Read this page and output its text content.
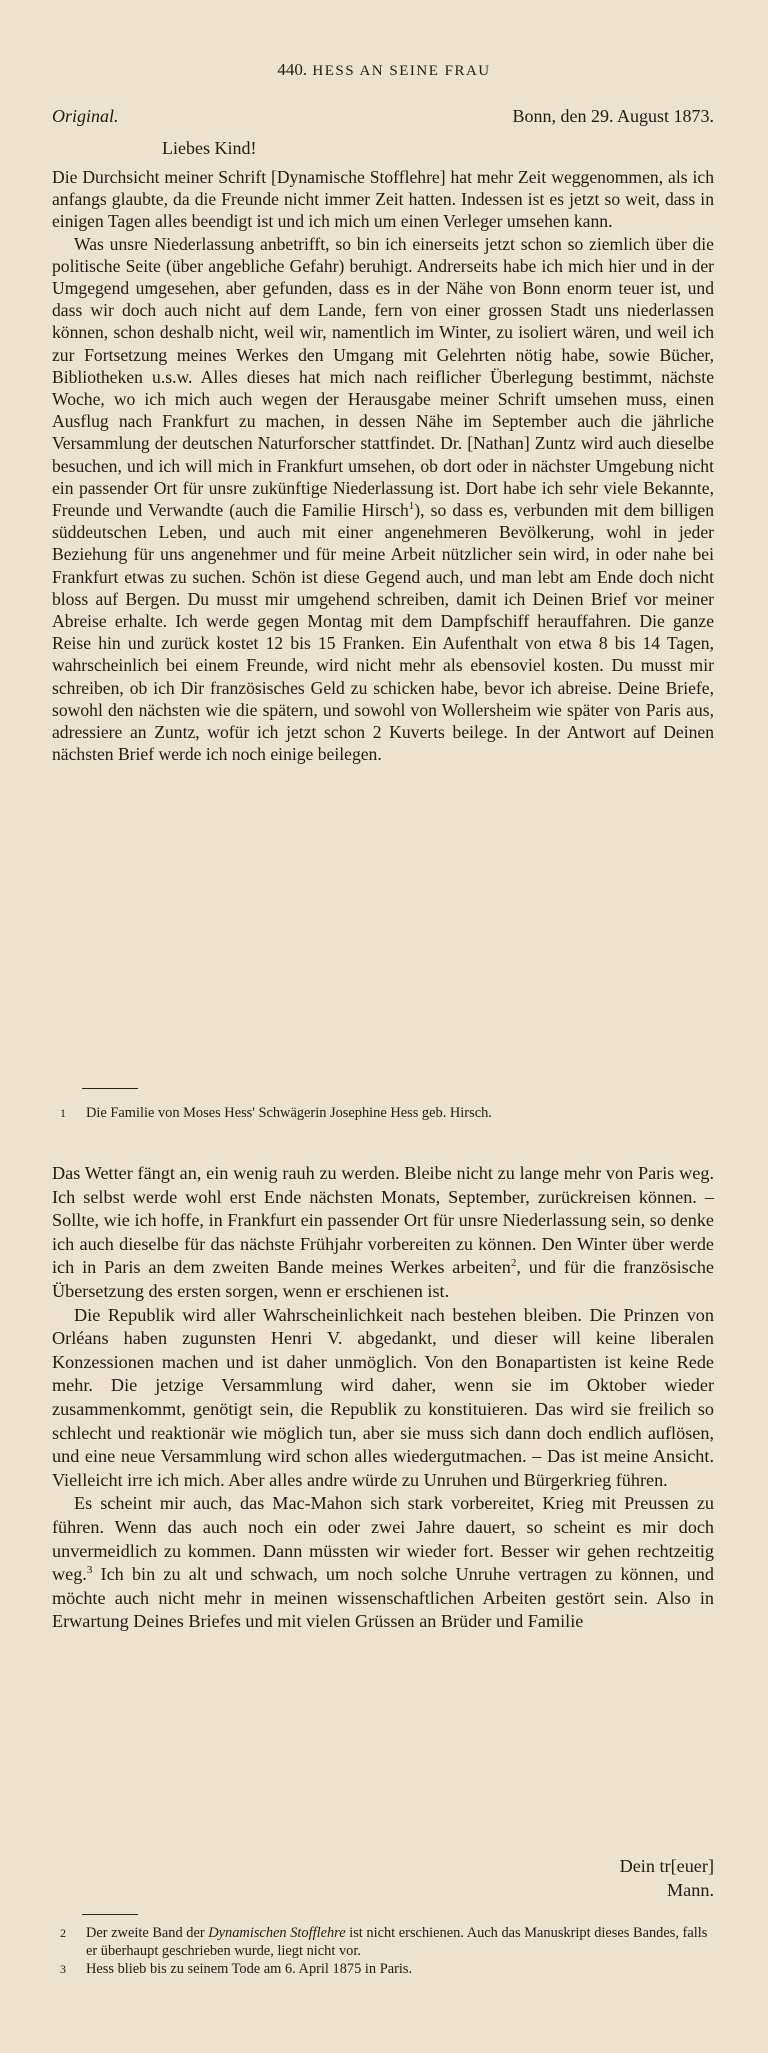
440. HESS AN SEINE FRAU
Original.	Bonn, den 29. August 1873.
Liebes Kind!

Die Durchsicht meiner Schrift [Dynamische Stofflehre] hat mehr Zeit weggenommen, als ich anfangs glaubte, da die Freunde nicht immer Zeit hatten. Indessen ist es jetzt so weit, dass in einigen Tagen alles beendigt ist und ich mich um einen Verleger umsehen kann.

Was unsre Niederlassung anbetrifft, so bin ich einerseits jetzt schon so ziemlich über die politische Seite (über angebliche Gefahr) beruhigt. Andrerseits habe ich mich hier und in der Umgegend umgesehen, aber gefunden, dass es in der Nähe von Bonn enorm teuer ist, und dass wir doch auch nicht auf dem Lande, fern von einer grossen Stadt uns niederlassen können, schon deshalb nicht, weil wir, namentlich im Winter, zu isoliert wären, und weil ich zur Fortsetzung meines Werkes den Umgang mit Gelehrten nötig habe, sowie Bücher, Bibliotheken u.s.w. Alles dieses hat mich nach reiflicher Überlegung bestimmt, nächste Woche, wo ich mich auch wegen der Herausgabe meiner Schrift umsehen muss, einen Ausflug nach Frankfurt zu machen, in dessen Nähe im September auch die jährliche Versammlung der deutschen Naturforscher stattfindet. Dr. [Nathan] Zuntz wird auch dieselbe besuchen, und ich will mich in Frankfurt umsehen, ob dort oder in nächster Umgebung nicht ein passender Ort für unsre zukünftige Niederlassung ist. Dort habe ich sehr viele Bekannte, Freunde und Verwandte (auch die Familie Hirsch$^1$), so dass es, verbunden mit dem billigen süddeutschen Leben, und auch mit einer angenehmeren Bevölkerung, wohl in jeder Beziehung für uns angenehmer und für meine Arbeit nützlicher sein wird, in oder nahe bei Frankfurt etwas zu suchen. Schön ist diese Gegend auch, und man lebt am Ende doch nicht bloss auf Bergen. Du musst mir umgehend schreiben, damit ich Deinen Brief vor meiner Abreise erhalte. Ich werde gegen Montag mit dem Dampfschiff herauffahren. Die ganze Reise hin und zurück kostet 12 bis 15 Franken. Ein Aufenthalt von etwa 8 bis 14 Tagen, wahrscheinlich bei einem Freunde, wird nicht mehr als ebensoviel kosten. Du musst mir schreiben, ob ich Dir französisches Geld zu schicken habe, bevor ich abreise. Deine Briefe, sowohl den nächsten wie die spätern, und sowohl von Wollersheim wie später von Paris aus, adressiere an Zuntz, wofür ich jetzt schon 2 Kuverts beilege. In der Antwort auf Deinen nächsten Brief werde ich noch einige beilegen.

1	Die Familie von Moses Hess' Schwägerin Josephine Hess geb. Hirsch.

Das Wetter fängt an, ein wenig rauh zu werden. Bleibe nicht zu lange mehr von Paris weg. Ich selbst werde wohl erst Ende nächsten Monats, September, zurückreisen können. – Sollte, wie ich hoffe, in Frankfurt ein passender Ort für unsre Niederlassung sein, so denke ich auch dieselbe für das nächste Frühjahr vorbereiten zu können. Den Winter über werde ich in Paris an dem zweiten Bande meines Werkes arbeiten$^2$, und für die französische Übersetzung des ersten sorgen, wenn er erschienen ist.

Die Republik wird aller Wahrscheinlichkeit nach bestehen bleiben. Die Prinzen von Orléans haben zugunsten Henri V. abgedankt, und dieser will keine liberalen Konzessionen machen und ist daher unmöglich. Von den Bonapartisten ist keine Rede mehr. Die jetzige Versammlung wird daher, wenn sie im Oktober wieder zusammenkommt, genötigt sein, die Republik zu konstituieren. Das wird sie freilich so schlecht und reaktionär wie möglich tun, aber sie muss sich dann doch endlich auflösen, und eine neue Versammlung wird schon alles wiedergutmachen. – Das ist meine Ansicht. Vielleicht irre ich mich. Aber alles andre würde zu Unruhen und Bürgerkrieg führen.

Es scheint mir auch, das Mac-Mahon sich stark vorbereitet, Krieg mit Preussen zu führen. Wenn das auch noch ein oder zwei Jahre dauert, so scheint es mir doch unvermeidlich zu kommen. Dann müssten wir wieder fort. Besser wir gehen rechtzeitig weg.$^3$ Ich bin zu alt und schwach, um noch solche Unruhe vertragen zu können, und möchte auch nicht mehr in meinen wissenschaftlichen Arbeiten gestört sein. Also in Erwartung Deines Briefes und mit vielen Grüssen an Brüder und Familie

Dein tr[euer]
Mann.
2	Der zweite Band der Dynamischen Stofflehre ist nicht erschienen. Auch das Manuskript dieses Bandes, falls er überhaupt geschrieben wurde, liegt nicht vor.
3	Hess blieb bis zu seinem Tode am 6. April 1875 in Paris.
